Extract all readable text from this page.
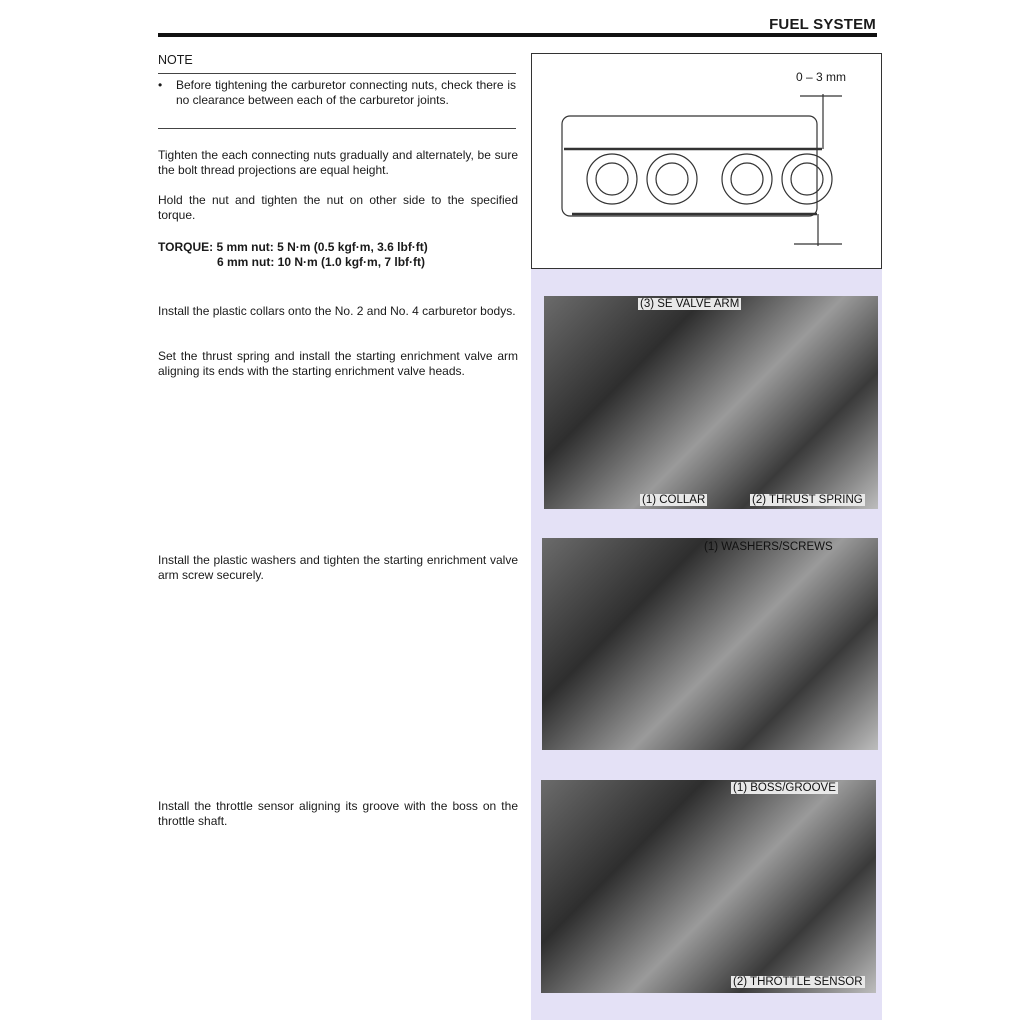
FUEL SYSTEM
NOTE
•	Before tightening the carburetor connecting nuts, check there is no clearance between each of the carburetor joints.

Tighten the each connecting nuts gradually and alternately, be sure the bolt thread projections are equal height.

Hold the nut and tighten the nut on other side to the specified torque.

TORQUE: 5 mm nut: 5 N·m (0.5 kgf·m, 3.6 lbf·ft)
6 mm nut: 10 N·m (1.0 kgf·m, 7 lbf·ft)

Install the plastic collars onto the No. 2 and No. 4 carburetor bodys.

Set the thrust spring and install the starting enrichment valve arm aligning its ends with the starting enrichment valve heads.

Install the plastic washers and tighten the starting enrichment valve arm screw securely.

Install the throttle sensor aligning its groove with the boss on the throttle shaft.

0 – 3 mm
(3) SE VALVE ARM
(1) COLLAR	(2) THRUST SPRING
(1) WASHERS/SCREWS
(1) BOSS/GROOVE
(2) THROTTLE SENSOR
